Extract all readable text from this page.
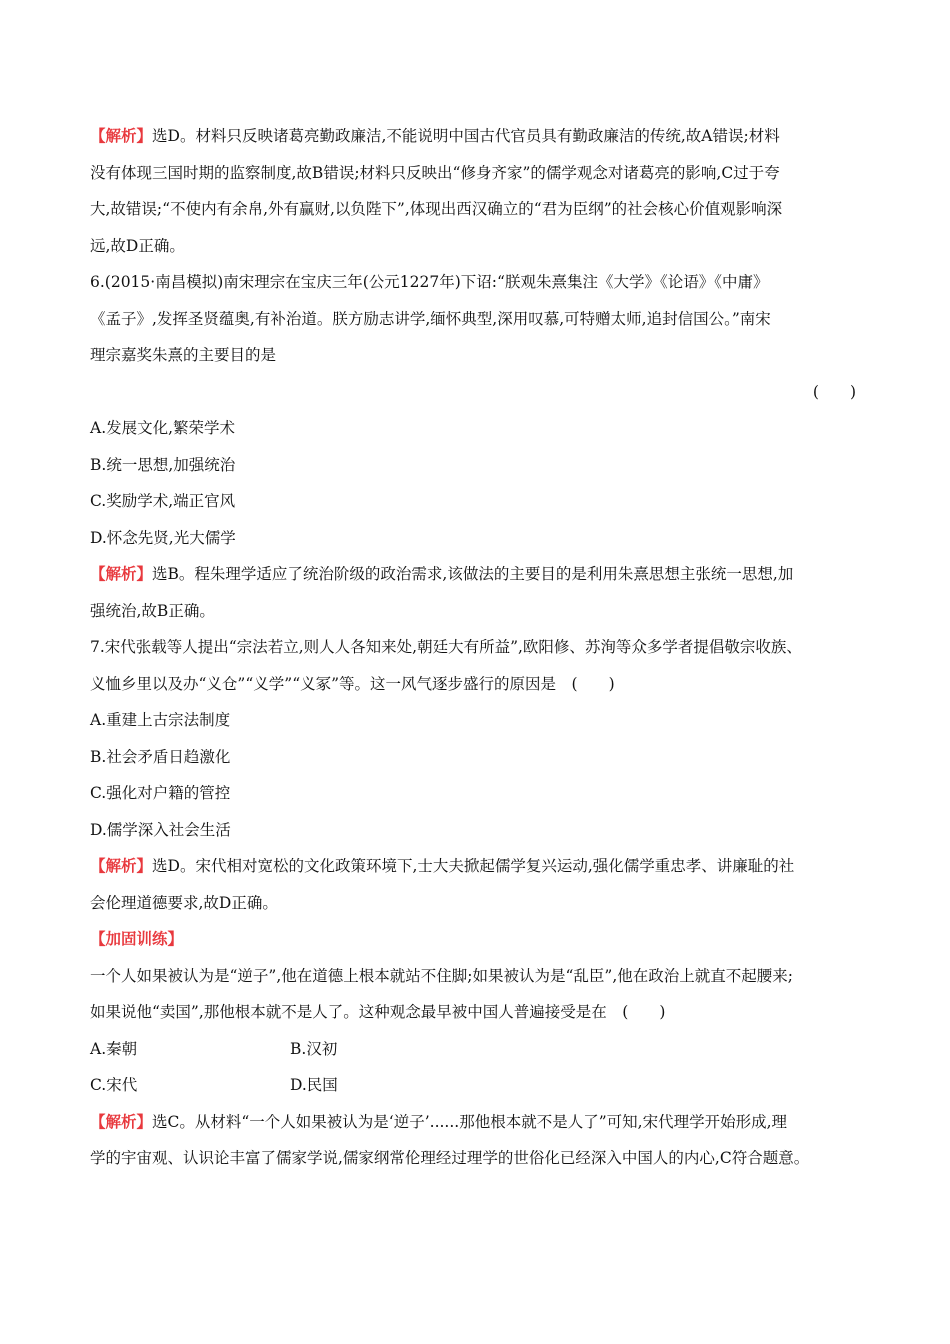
【解析】选D。材料只反映诸葛亮勤政廉洁,不能说明中国古代官员具有勤政廉洁的传统,故A错误;材料
没有体现三国时期的监察制度,故B错误;材料只反映出“修身齐家”的儒学观念对诸葛亮的影响,C过于夸
大,故错误;“不使内有余帛,外有赢财,以负陛下”,体现出西汉确立的“君为臣纲”的社会核心价值观影响深
远,故D正确。
6.(2015·南昌模拟)南宋理宗在宝庆三年(公元1227年)下诏:“朕观朱熹集注《大学》《论语》《中庸》
《孟子》,发挥圣贤蕴奥,有补治道。朕方励志讲学,缅怀典型,深用叹慕,可特赠太师,追封信国公。”南宋
理宗嘉奖朱熹的主要目的是
(　　)
A.发展文化,繁荣学术
B.统一思想,加强统治
C.奖励学术,端正官风
D.怀念先贤,光大儒学
【解析】选B。程朱理学适应了统治阶级的政治需求,该做法的主要目的是利用朱熹思想主张统一思想,加
强统治,故B正确。
7.宋代张载等人提出“宗法若立,则人人各知来处,朝廷大有所益”,欧阳修、苏洵等众多学者提倡敬宗收族、
义恤乡里以及办“义仓”“义学”“义冢”等。这一风气逐步盛行的原因是　(　　)
A.重建上古宗法制度
B.社会矛盾日趋激化
C.强化对户籍的管控
D.儒学深入社会生活
【解析】选D。宋代相对宽松的文化政策环境下,士大夫掀起儒学复兴运动,强化儒学重忠孝、讲廉耻的社
会伦理道德要求,故D正确。
【加固训练】
一个人如果被认为是“逆子”,他在道德上根本就站不住脚;如果被认为是“乱臣”,他在政治上就直不起腰来;
如果说他“卖国”,那他根本就不是人了。这种观念最早被中国人普遍接受是在　(　　)
A.秦朝	B.汉初
C.宋代	D.民国
【解析】选C。从材料“一个人如果被认为是‘逆子’......那他根本就不是人了”可知,宋代理学开始形成,理
学的宇宙观、认识论丰富了儒家学说,儒家纲常伦理经过理学的世俗化已经深入中国人的内心,C符合题意。
